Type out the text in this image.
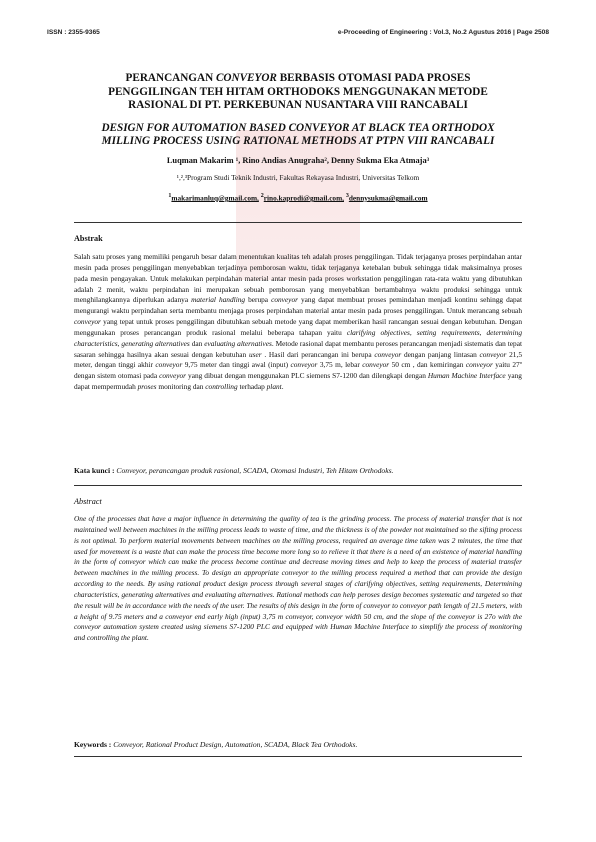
ISSN : 2355-9365	e-Proceeding of Engineering : Vol.3, No.2 Agustus 2016 | Page 2508
PERANCANGAN CONVEYOR BERBASIS OTOMASI PADA PROSES
PENGGILINGAN TEH HITAM ORTHODOKS MENGGUNAKAN METODE
RASIONAL DI PT. PERKEBUNAN NUSANTARA VIII RANCABALI
DESIGN FOR AUTOMATION BASED CONVEYOR AT BLACK TEA ORTHODOX
MILLING PROCESS USING RATIONAL METHODS AT PTPN VIII RANCABALI
Luqman Makarim ¹, Rino Andias Anugraha², Denny Sukma Eka Atmaja³
¹,²,³Program Studi Teknik Industri, Fakultas Rekayasa Industri, Universitas Telkom
$^1$makarimanluq@gmail.com, $^2$rino.kaprodi@gmail.com, $^3$dennysukma@gmail.com
Abstrak

Salah satu proses yang memiliki pengaruh besar dalam menentukan kualitas teh adalah proses penggilingan. Tidak terjaganya proses perpindahan antar mesin pada proses penggilingan menyebabkan terjadinya pemborosan waktu, tidak terjaganya ketebalan bubuk sehingga tidak maksimalnya proses pada mesin pengayakan. Untuk melakukan perpindahan material antar mesin pada proses workstation penggilingan rata-rata waktu yang dibutuhkan adalah 2 menit, waktu perpindahan ini merupakan sebuah pemborosan yang menyebabkan bertambahnya waktu produksi sehingga untuk menghilangkannya diperlukan adanya material handling berupa conveyor yang dapat membuat proses pemindahan menjadi kontinu sehingg dapat mengurangi waktu perpindahan serta membantu menjaga proses perpindahan material antar mesin pada proses penggilingan. Untuk merancang sebuah conveyor yang tepat untuk proses penggilingan dibutuhkan sebuah metode yang dapat memberikan hasil rancangan sesuai dengan kebutuhan. Dengan menggunakan proses perancangan produk rasional melalui beberapa tahapan yaitu clarifying objectives, setting requirements, determining characteristics, generating alternatives dan evaluating alternatives. Metode rasional dapat membantu peroses perancangan menjadi sistematis dan tepat sasaran sehingga hasilnya akan sesuai dengan kebutuhan user . Hasil dari perancangan ini berupa conveyor dengan panjang lintasan conveyor 21,5 meter, dengan tinggi akhir conveyor 9,75 meter dan tinggi awal (input) conveyor 3,75 m, lebar conveyor 50 cm , dan kemiringan conveyor yaitu 27º dengan sistem otomasi pada conveyor yang dibuat dengan menggunakan PLC siemens S7-1200 dan dilengkapi dengan Human Machine Interface yang dapat mempermudah proses monitoring dan controlling terhadap plant.

Kata kunci : Conveyor, perancangan produk rasional, SCADA, Otomasi Industri, Teh Hitam Orthodoks.
Abstract

One of the processes that have a major influence in determining the quality of tea is the grinding process. The process of material transfer that is not maintained well between machines in the milling process leads to waste of time, and the thickness is of the powder not maintained so the sifting process is not optimal. To perform material movements between machines on the milling process, required an average time taken was 2 minutes, the time that used for movement is a waste that can make the process time become more long so to relieve it that there is a need of an existence of material handling in the form of conveyor which can make the process become continue and decrease moving times and help to keep the process of material transfer between machines in the milling process. To design an appropriate conveyor to the milling process required a method that can provide the design according to the needs. By using rational product design process through several stages of clarifying objectives, setting requirements, Determining characteristics, generating alternatives and evaluating alternatives. Rational methods can help peroses design becomes systematic and targeted so that the result will be in accordance with the needs of the user. The results of this design in the form of conveyor to conveyor path length of 21.5 meters, with a height of 9.75 meters and a conveyor end early high (input) 3,75 m conveyor, conveyor width 50 cm, and the slope of the conveyor is 27o with the conveyor automation system created using siemens S7-1200 PLC and equipped with Human Machine Interface to simplify the process of monitoring and controlling the plant.

Keywords : Conveyor, Rational Product Design, Automation, SCADA, Black Tea Orthodoks.
